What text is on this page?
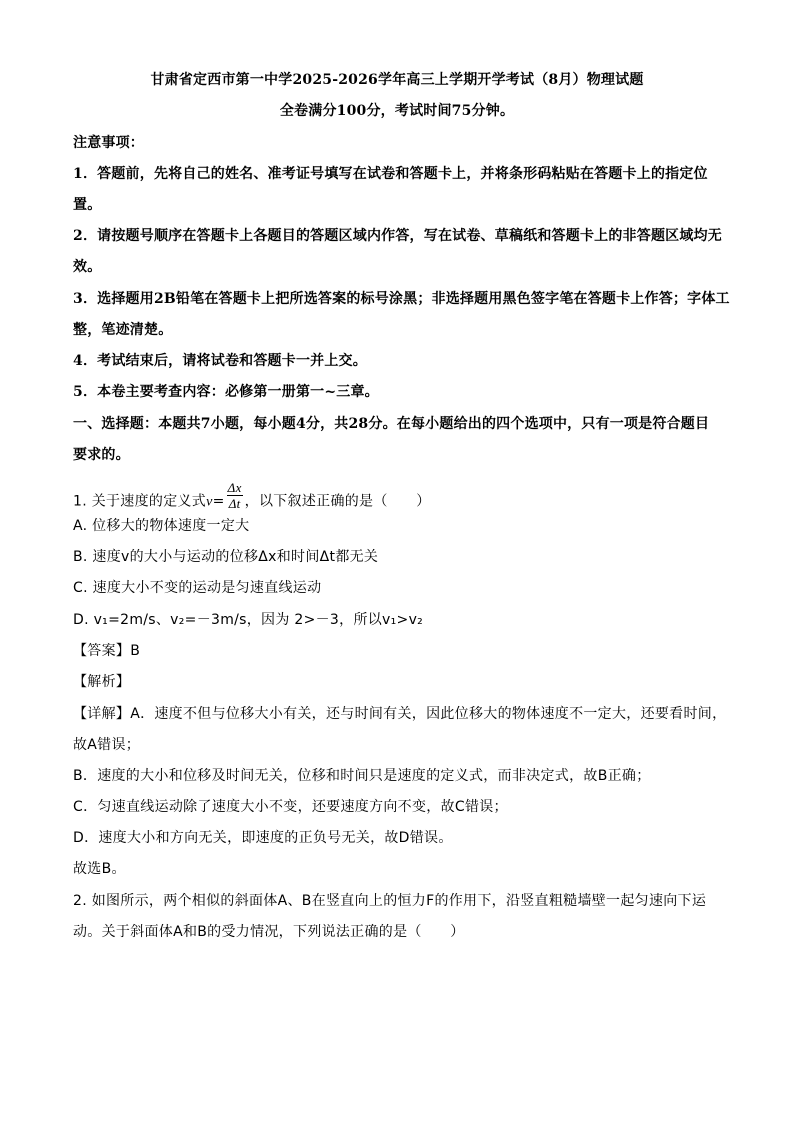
甘肃省定西市第一中学2025-2026学年高三上学期开学考试（8月）物理试题
全卷满分100分，考试时间75分钟。
注意事项：
1．答题前，先将自己的姓名、准考证号填写在试卷和答题卡上，并将条形码粘贴在答题卡上的指定位
置。
2．请按题号顺序在答题卡上各题目的答题区域内作答，写在试卷、草稿纸和答题卡上的非答题区域均无
效。
3．选择题用2B铅笔在答题卡上把所选答案的标号涂黑；非选择题用黑色签字笔在答题卡上作答；字体工
整，笔迹清楚。
4．考试结束后，请将试卷和答题卡一并上交。
5．本卷主要考查内容：必修第一册第一~三章。
一、选择题：本题共7小题，每小题4分，共28分。在每小题给出的四个选项中，只有一项是符合题目
要求的。
1. 关于速度的定义式$v= \frac{\Delta x}{\Delta t}$ ，以下叙述正确的是（　　）
A. 位移大的物体速度一定大
B. 速度v的大小与运动的位移Δx和时间Δt都无关
C. 速度大小不变的运动是匀速直线运动
D. v₁=2m/s、v₂=－3m/s，因为 2>－3，所以v₁>v₂
【答案】B
【解析】
【详解】A．速度不但与位移大小有关，还与时间有关，因此位移大的物体速度不一定大，还要看时间，
故A错误；
B．速度的大小和位移及时间无关，位移和时间只是速度的定义式，而非决定式，故B正确；
C．匀速直线运动除了速度大小不变，还要速度方向不变，故C错误；
D．速度大小和方向无关，即速度的正负号无关，故D错误。
故选B。
2. 如图所示，两个相似的斜面体A、B在竖直向上的恒力F的作用下，沿竖直粗糙墙壁一起匀速向下运
动。关于斜面体A和B的受力情况，下列说法正确的是（　　）
